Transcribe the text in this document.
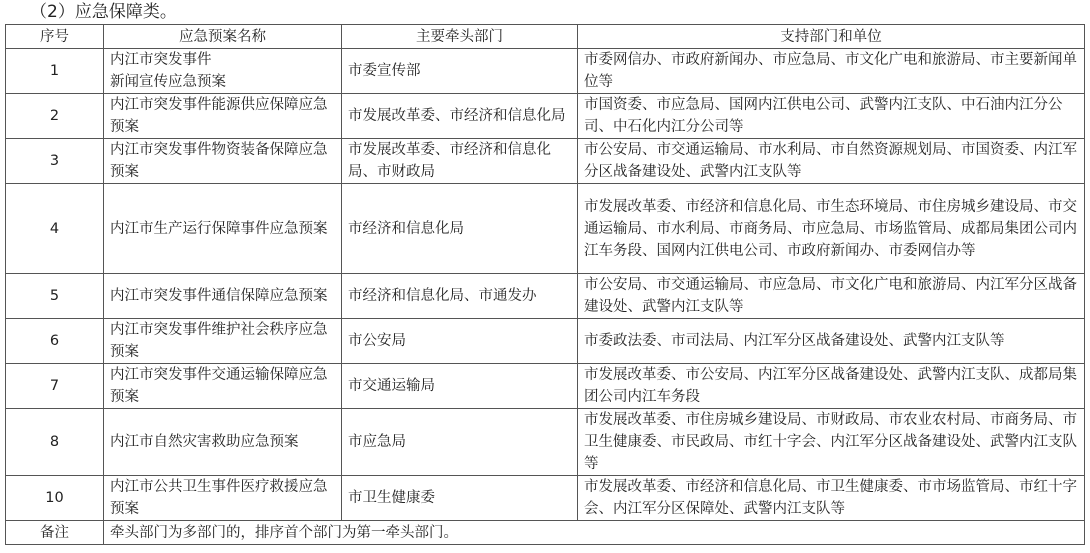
（2）应急保障类。
序号	应急预案名称	主要牵头部门	支持部门和单位
1	内江市突发事件
新闻宣传应急预案	市委宣传部	市委网信办、市政府新闻办、市应急局、市文化广电和旅游局、市主要新闻单位等
2	内江市突发事件能源供应保障应急预案	市发展改革委、市经济和信息化局	市国资委、市应急局、国网内江供电公司、武警内江支队、中石油内江分公司、中石化内江分公司等
3	内江市突发事件物资装备保障应急预案	市发展改革委、市经济和信息化局、市财政局	市公安局、市交通运输局、市水利局、市自然资源规划局、市国资委、内江军分区战备建设处、武警内江支队等
4	内江市生产运行保障事件应急预案	市经济和信息化局	市发展改革委、市经济和信息化局、市生态环境局、市住房城乡建设局、市交通运输局、市水利局、市商务局、市应急局、市场监管局、成都局集团公司内江车务段、国网内江供电公司、市政府新闻办、市委网信办等
5	内江市突发事件通信保障应急预案	市经济和信息化局、市通发办	市公安局、市交通运输局、市应急局、市文化广电和旅游局、内江军分区战备建设处、武警内江支队等
6	内江市突发事件维护社会秩序应急预案	市公安局	市委政法委、市司法局、内江军分区战备建设处、武警内江支队等
7	内江市突发事件交通运输保障应急预案	市交通运输局	市发展改革委、市公安局、内江军分区战备建设处、武警内江支队、成都局集团公司内江车务段
8	内江市自然灾害救助应急预案	市应急局	市发展改革委、市住房城乡建设局、市财政局、市农业农村局、市商务局、市卫生健康委、市民政局、市红十字会、内江军分区战备建设处、武警内江支队等
10	内江市公共卫生事件医疗救援应急预案	市卫生健康委	市发展改革委、市经济和信息化局、市卫生健康委、市市场监管局、市红十字会、内江军分区保障处、武警内江支队等
备注	牵头部门为多部门的，排序首个部门为第一牵头部门。		
